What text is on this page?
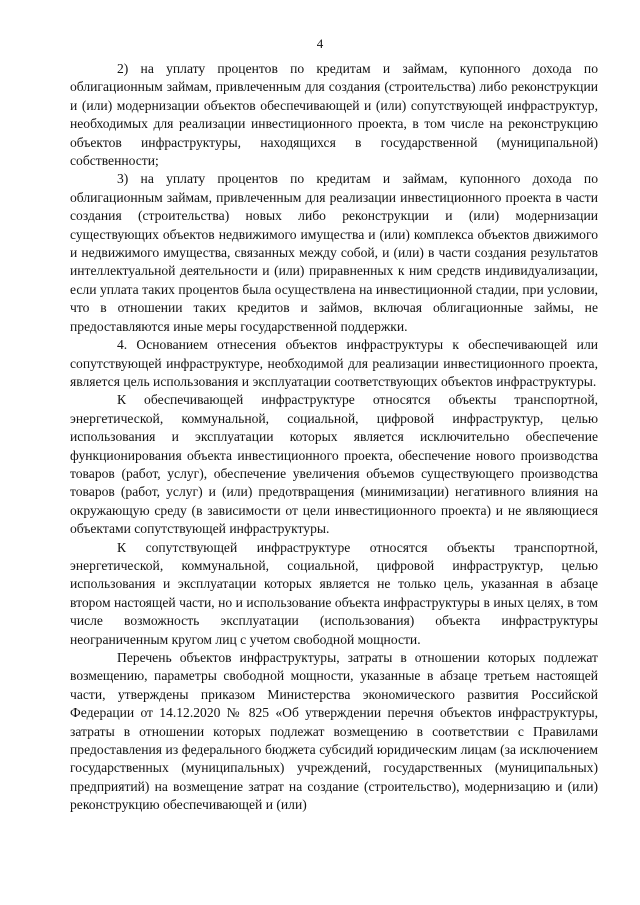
4

2) на уплату процентов по кредитам и займам, купонного дохода по облигационным займам, привлеченным для создания (строительства) либо реконструкции и (или) модернизации объектов обеспечивающей и (или) сопутствующей инфраструктур, необходимых для реализации инвестиционного проекта, в том числе на реконструкцию объектов инфраструктуры, находящихся в государственной (муниципальной) собственности;

3) на уплату процентов по кредитам и займам, купонного дохода по облигационным займам, привлеченным для реализации инвестиционного проекта в части создания (строительства) новых либо реконструкции и (или) модернизации существующих объектов недвижимого имущества и (или) комплекса объектов движимого и недвижимого имущества, связанных между собой, и (или) в части создания результатов интеллектуальной деятельности и (или) приравненных к ним средств индивидуализации, если уплата таких процентов была осуществлена на инвестиционной стадии, при условии, что в отношении таких кредитов и займов, включая облигационные займы, не предоставляются иные меры государственной поддержки.

4. Основанием отнесения объектов инфраструктуры к обеспечивающей или сопутствующей инфраструктуре, необходимой для реализации инвестиционного проекта, является цель использования и эксплуатации соответствующих объектов инфраструктуры.

К обеспечивающей инфраструктуре относятся объекты транспортной, энергетической, коммунальной, социальной, цифровой инфраструктур, целью использования и эксплуатации которых является исключительно обеспечение функционирования объекта инвестиционного проекта, обеспечение нового производства товаров (работ, услуг), обеспечение увеличения объемов существующего производства товаров (работ, услуг) и (или) предотвращения (минимизации) негативного влияния на окружающую среду (в зависимости от цели инвестиционного проекта) и не являющиеся объектами сопутствующей инфраструктуры.

К сопутствующей инфраструктуре относятся объекты транспортной, энергетической, коммунальной, социальной, цифровой инфраструктур, целью использования и эксплуатации которых является не только цель, указанная в абзаце втором настоящей части, но и использование объекта инфраструктуры в иных целях, в том числе возможность эксплуатации (использования) объекта инфраструктуры неограниченным кругом лиц с учетом свободной мощности.

Перечень объектов инфраструктуры, затраты в отношении которых подлежат возмещению, параметры свободной мощности, указанные в абзаце третьем настоящей части, утверждены приказом Министерства экономического развития Российской Федерации от 14.12.2020 № 825 «Об утверждении перечня объектов инфраструктуры, затраты в отношении которых подлежат возмещению в соответствии с Правилами предоставления из федерального бюджета субсидий юридическим лицам (за исключением государственных (муниципальных) учреждений, государственных (муниципальных) предприятий) на возмещение затрат на создание (строительство), модернизацию и (или) реконструкцию обеспечивающей и (или)
